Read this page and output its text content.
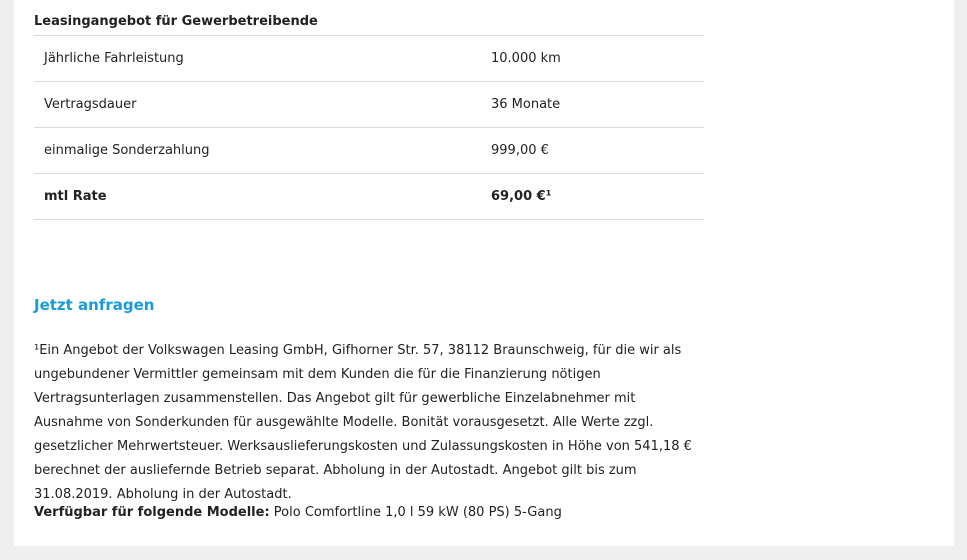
Leasingangebot für Gewerbetreibende
Jährliche Fahrleistung	10.000 km
Vertragsdauer	36 Monate
einmalige Sonderzahlung	999,00 €
mtl Rate	69,00 €¹
Jetzt anfragen
¹Ein Angebot der Volkswagen Leasing GmbH, Gifhorner Str. 57, 38112 Braunschweig, für die wir als ungebundener Vermittler gemeinsam mit dem Kunden die für die Finanzierung nötigen Vertragsunterlagen zusammenstellen. Das Angebot gilt für gewerbliche Einzelabnehmer mit Ausnahme von Sonderkunden für ausgewählte Modelle. Bonität vorausgesetzt. Alle Werte zzgl. gesetzlicher Mehrwertsteuer. Werksauslieferungskosten und Zulassungskosten in Höhe von 541,18 € berechnet der ausliefernde Betrieb separat. Abholung in der Autostadt. Angebot gilt bis zum 31.08.2019. Abholung in der Autostadt.
Verfügbar für folgende Modelle: Polo Comfortline 1,0 l 59 kW (80 PS) 5-Gang
